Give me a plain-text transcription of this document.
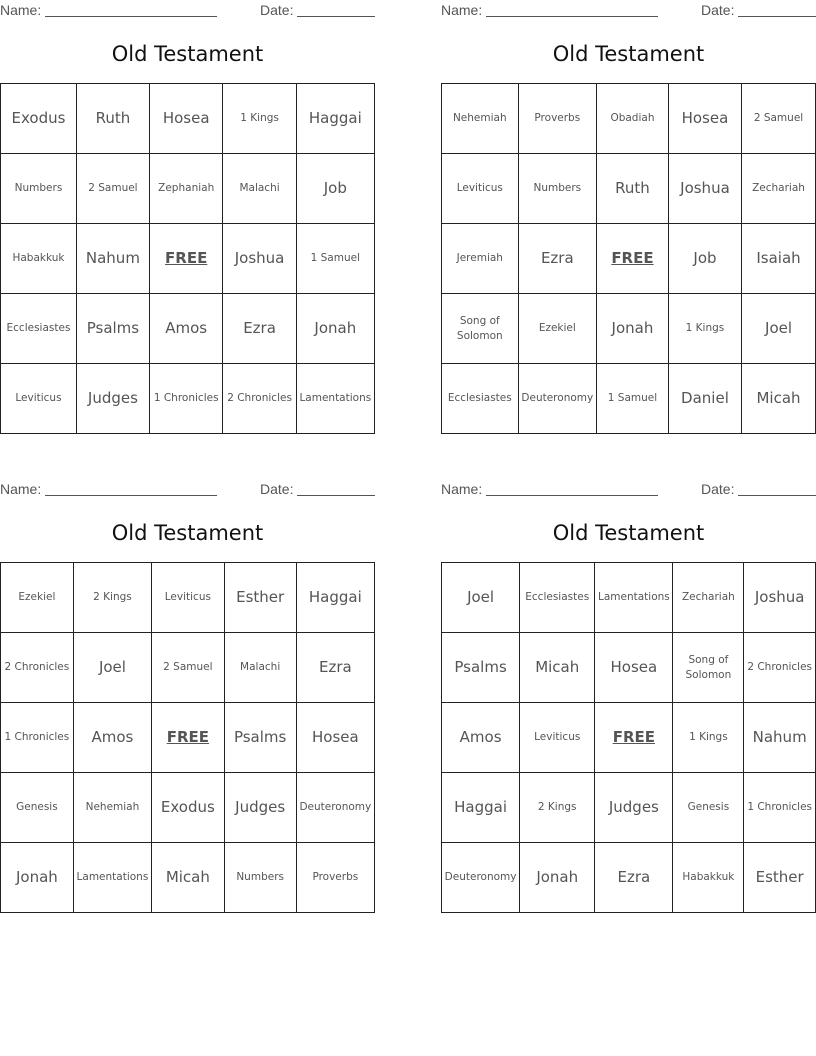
Name:	Date:
Old Testament
Exodus	Ruth	Hosea	1 Kings	Haggai
Numbers	2 Samuel	Zephaniah	Malachi	Job
Habakkuk	Nahum	FREE	Joshua	1 Samuel
Ecclesiastes	Psalms	Amos	Ezra	Jonah
Leviticus	Judges	1 Chronicles	2 Chronicles	Lamentations
Name:	Date:
Old Testament
Nehemiah	Proverbs	Obadiah	Hosea	2 Samuel
Leviticus	Numbers	Ruth	Joshua	Zechariah
Jeremiah	Ezra	FREE	Job	Isaiah
Song of Solomon	Ezekiel	Jonah	1 Kings	Joel
Ecclesiastes	Deuteronomy	1 Samuel	Daniel	Micah
Name:	Date:
Old Testament
Ezekiel	2 Kings	Leviticus	Esther	Haggai
2 Chronicles	Joel	2 Samuel	Malachi	Ezra
1 Chronicles	Amos	FREE	Psalms	Hosea
Genesis	Nehemiah	Exodus	Judges	Deuteronomy
Jonah	Lamentations	Micah	Numbers	Proverbs
Name:	Date:
Old Testament
Joel	Ecclesiastes	Lamentations	Zechariah	Joshua
Psalms	Micah	Hosea	Song of Solomon	2 Chronicles
Amos	Leviticus	FREE	1 Kings	Nahum
Haggai	2 Kings	Judges	Genesis	1 Chronicles
Deuteronomy	Jonah	Ezra	Habakkuk	Esther
